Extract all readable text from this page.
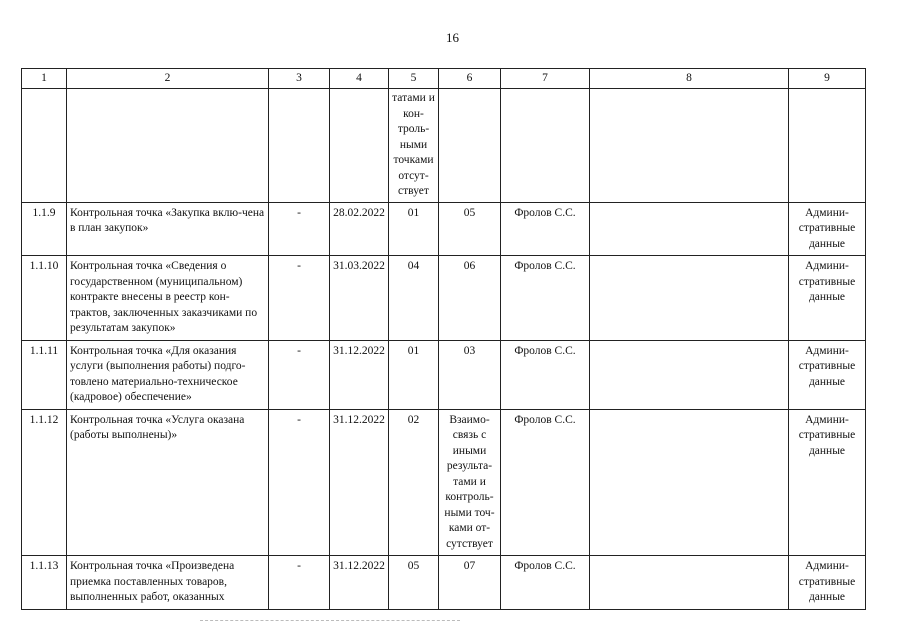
16
1	2	3	4	5	6	7	8	9
				татами и кон-троль-ными точками отсут-ствует				
1.1.9	Контрольная точка «Закупка вклю-чена в план закупок»	-	28.02.2022	01	05	Фролов С.С.		Админи-стративные данные
1.1.10	Контрольная точка «Сведения о государственном (муниципальном) контракте внесены в реестр кон-трактов, заключенных заказчиками по результатам закупок»	-	31.03.2022	04	06	Фролов С.С.		Админи-стративные данные
1.1.11	Контрольная точка «Для оказания услуги (выполнения работы) подго-товлено материально-техническое (кадровое) обеспечение»	-	31.12.2022	01	03	Фролов С.С.		Админи-стративные данные
1.1.12	Контрольная точка «Услуга оказана (работы выполнены)»	-	31.12.2022	02	Взаимо-связь с иными результа-тами и контроль-ными точ-ками от-сутствует	Фролов С.С.		Админи-стративные данные
1.1.13	Контрольная точка «Произведена приемка поставленных товаров, выполненных работ, оказанных	-	31.12.2022	05	07	Фролов С.С.		Админи-стративные данные
